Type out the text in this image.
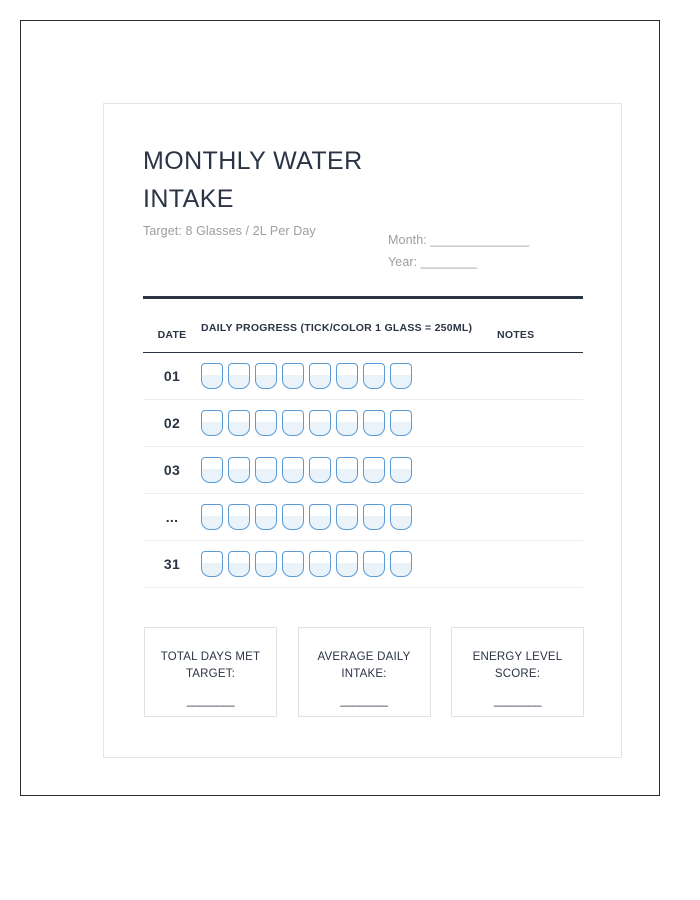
MONTHLY WATER INTAKE

Target: 8 Glasses / 2L Per Day

Month: ______________
Year: ________
DATE	DAILY PROGRESS (TICK/COLOR 1 GLASS = 250ML)	NOTES
01	

02	

03	

...	

31	

TOTAL DAYS MET TARGET:
________
AVERAGE DAILY INTAKE:
________
ENERGY LEVEL SCORE:
________
